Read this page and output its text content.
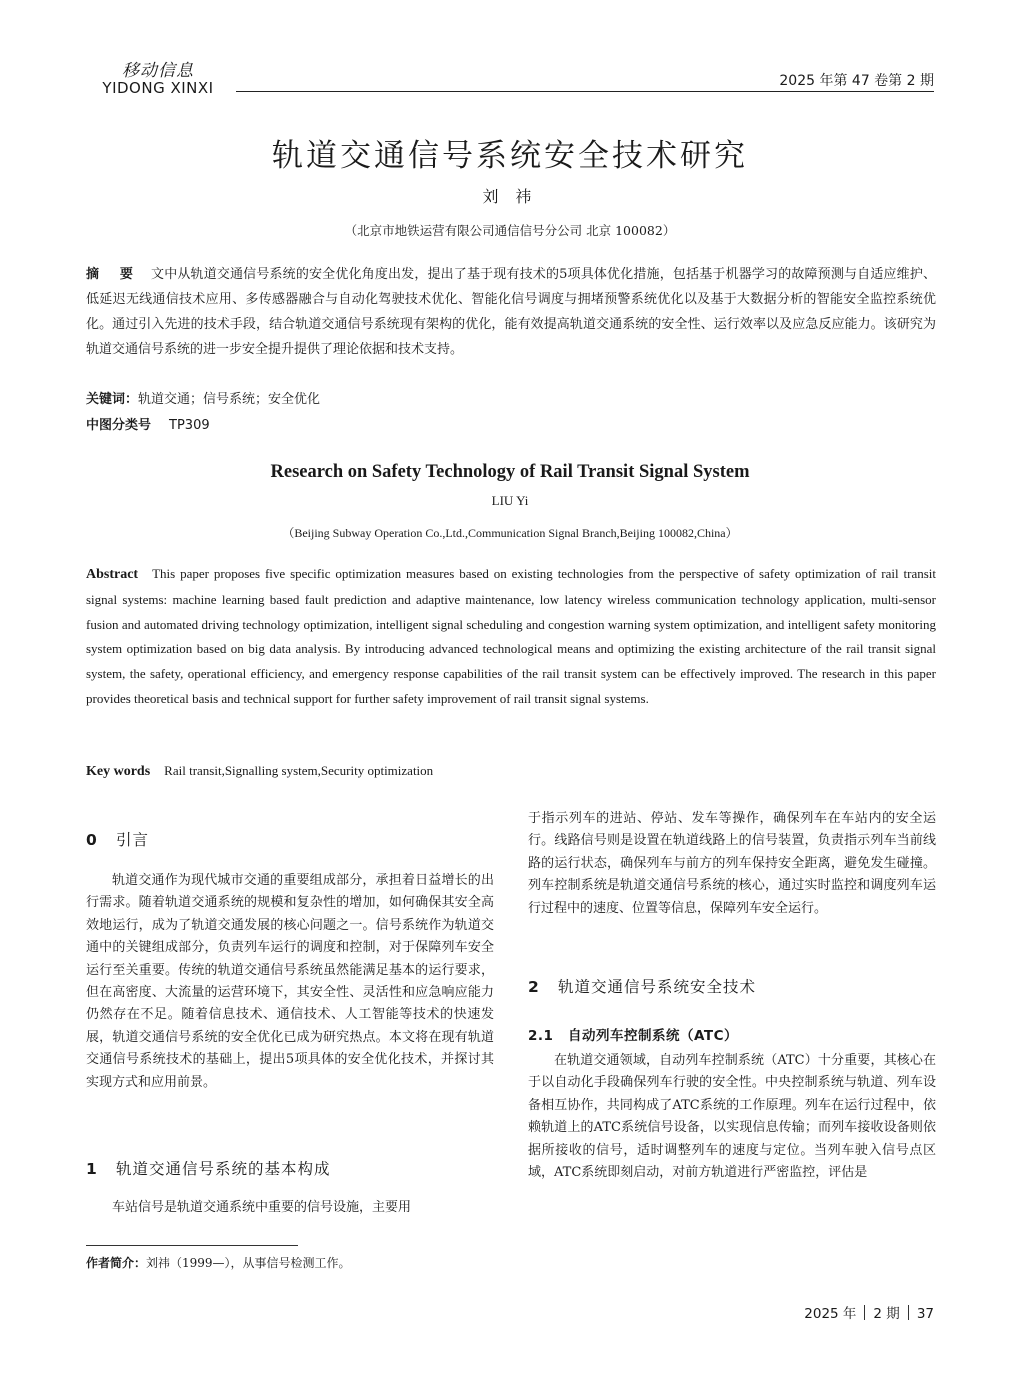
移动信息
YIDONG XINXI	2025 年第 47 卷第 2 期
轨道交通信号系统安全技术研究
刘 祎
（北京市地铁运营有限公司通信信号分公司 北京 100082）
摘 要 文中从轨道交通信号系统的安全优化角度出发，提出了基于现有技术的5项具体优化措施，包括基于机器学习的故障预测与自适应维护、低延迟无线通信技术应用、多传感器融合与自动化驾驶技术优化、智能化信号调度与拥堵预警系统优化以及基于大数据分析的智能安全监控系统优化。通过引入先进的技术手段，结合轨道交通信号系统现有架构的优化，能有效提高轨道交通系统的安全性、运行效率以及应急反应能力。该研究为轨道交通信号系统的进一步安全提升提供了理论依据和技术支持。
关键词：轨道交通；信号系统；安全优化
中图分类号 TP309
Research on Safety Technology of Rail Transit Signal System
LIU Yi
（Beijing Subway Operation Co.,Ltd.,Communication Signal Branch,Beijing 100082,China）
Abstract This paper proposes five specific optimization measures based on existing technologies from the perspective of safety optimization of rail transit signal systems: machine learning based fault prediction and adaptive maintenance, low latency wireless communication technology application, multi-sensor fusion and automated driving technology optimization, intelligent signal scheduling and congestion warning system optimization, and intelligent safety monitoring system optimization based on big data analysis. By introducing advanced technological means and optimizing the existing architecture of the rail transit signal system, the safety, operational efficiency, and emergency response capabilities of the rail transit system can be effectively improved. The research in this paper provides theoretical basis and technical support for further safety improvement of rail transit signal systems.
Key words Rail transit,Signalling system,Security optimization
0 引言
1 轨道交通信号系统的基本构成
2 轨道交通信号系统安全技术
2.1 自动列车控制系统（ATC）

轨道交通作为现代城市交通的重要组成部分，承担着日益增长的出行需求。随着轨道交通系统的规模和复杂性的增加，如何确保其安全高效地运行，成为了轨道交通发展的核心问题之一。信号系统作为轨道交通中的关键组成部分，负责列车运行的调度和控制，对于保障列车安全运行至关重要。传统的轨道交通信号系统虽然能满足基本的运行要求，但在高密度、大流量的运营环境下，其安全性、灵活性和应急响应能力仍然存在不足。随着信息技术、通信技术、人工智能等技术的快速发展，轨道交通信号系统的安全优化已成为研究热点。本文将在现有轨道交通信号系统技术的基础上，提出5项具体的安全优化技术，并探讨其实现方式和应用前景。

车站信号是轨道交通系统中重要的信号设施，主要用

于指示列车的进站、停站、发车等操作，确保列车在车站内的安全运行。线路信号则是设置在轨道线路上的信号装置，负责指示列车当前线路的运行状态，确保列车与前方的列车保持安全距离，避免发生碰撞。列车控制系统是轨道交通信号系统的核心，通过实时监控和调度列车运行过程中的速度、位置等信息，保障列车安全运行。

在轨道交通领域，自动列车控制系统（ATC）十分重要，其核心在于以自动化手段确保列车行驶的安全性。中央控制系统与轨道、列车设备相互协作，共同构成了ATC系统的工作原理。列车在运行过程中，依赖轨道上的ATC系统信号设备，以实现信息传输；而列车接收设备则依据所接收的信号，适时调整列车的速度与定位。当列车驶入信号点区域，ATC系统即刻启动，对前方轨道进行严密监控，评估是

作者简介：刘祎（1999—），从事信号检测工作。
2025 年 2 期 37
